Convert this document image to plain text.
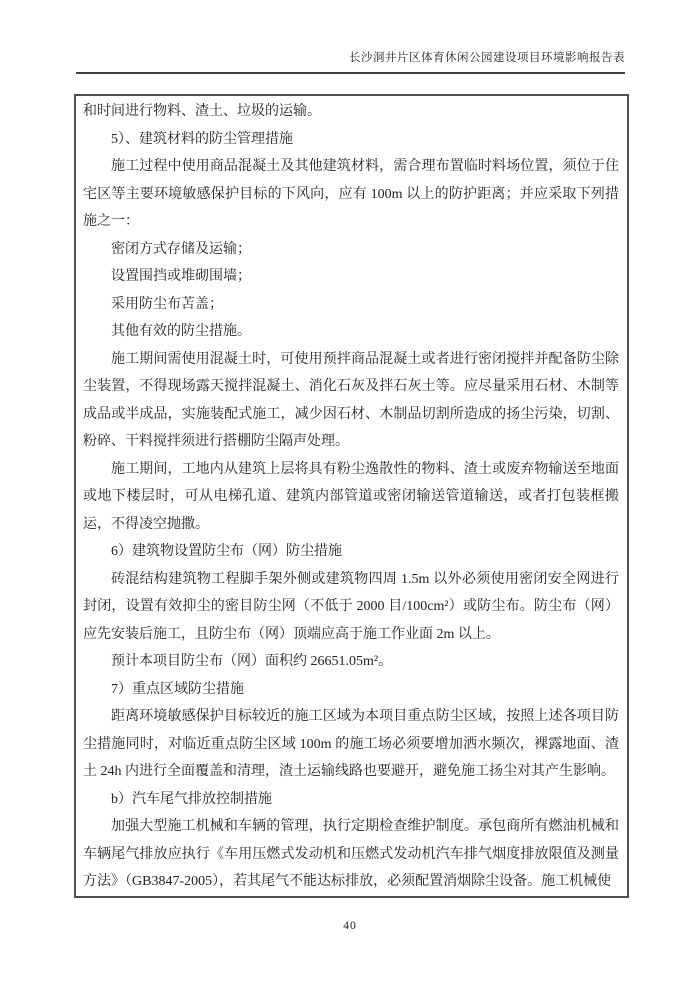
长沙洞井片区体育休闲公园建设项目环境影响报告表

和时间进行物料、渣土、垃圾的运输。

5）、建筑材料的防尘管理措施

施工过程中使用商品混凝土及其他建筑材料，需合理布置临时料场位置，须位于住宅区等主要环境敏感保护目标的下风向，应有 100m 以上的防护距离；并应采取下列措施之一：

密闭方式存储及运输；

设置围挡或堆砌围墙；

采用防尘布苫盖；

其他有效的防尘措施。

施工期间需使用混凝土时，可使用预拌商品混凝土或者进行密闭搅拌并配备防尘除尘装置，不得现场露天搅拌混凝土、消化石灰及拌石灰土等。应尽量采用石材、木制等成品或半成品，实施装配式施工，减少因石材、木制品切割所造成的扬尘污染，切割、粉碎、干料搅拌须进行搭棚防尘隔声处理。

施工期间，工地内从建筑上层将具有粉尘逸散性的物料、渣土或废弃物输送至地面或地下楼层时，可从电梯孔道、建筑内部管道或密闭输送管道输送，或者打包装框搬运，不得凌空抛撒。

6）建筑物设置防尘布（网）防尘措施

砖混结构建筑物工程脚手架外侧或建筑物四周 1.5m 以外必须使用密闭安全网进行封闭，设置有效抑尘的密目防尘网（不低于 2000 目/100cm²）或防尘布。防尘布（网）应先安装后施工，且防尘布（网）顶端应高于施工作业面 2m 以上。

预计本项目防尘布（网）面积约 26651.05m²。

7）重点区域防尘措施

距离环境敏感保护目标较近的施工区域为本项目重点防尘区域，按照上述各项目防尘措施同时，对临近重点防尘区域 100m 的施工场必须要增加洒水频次，裸露地面、渣土 24h 内进行全面覆盖和清理，渣土运输线路也要避开，避免施工扬尘对其产生影响。

b）汽车尾气排放控制措施

加强大型施工机械和车辆的管理，执行定期检查维护制度。承包商所有燃油机械和车辆尾气排放应执行《车用压燃式发动机和压燃式发动机汽车排气烟度排放限值及测量方法》（GB3847-2005），若其尾气不能达标排放，必须配置消烟除尘设备。施工机械使

40
